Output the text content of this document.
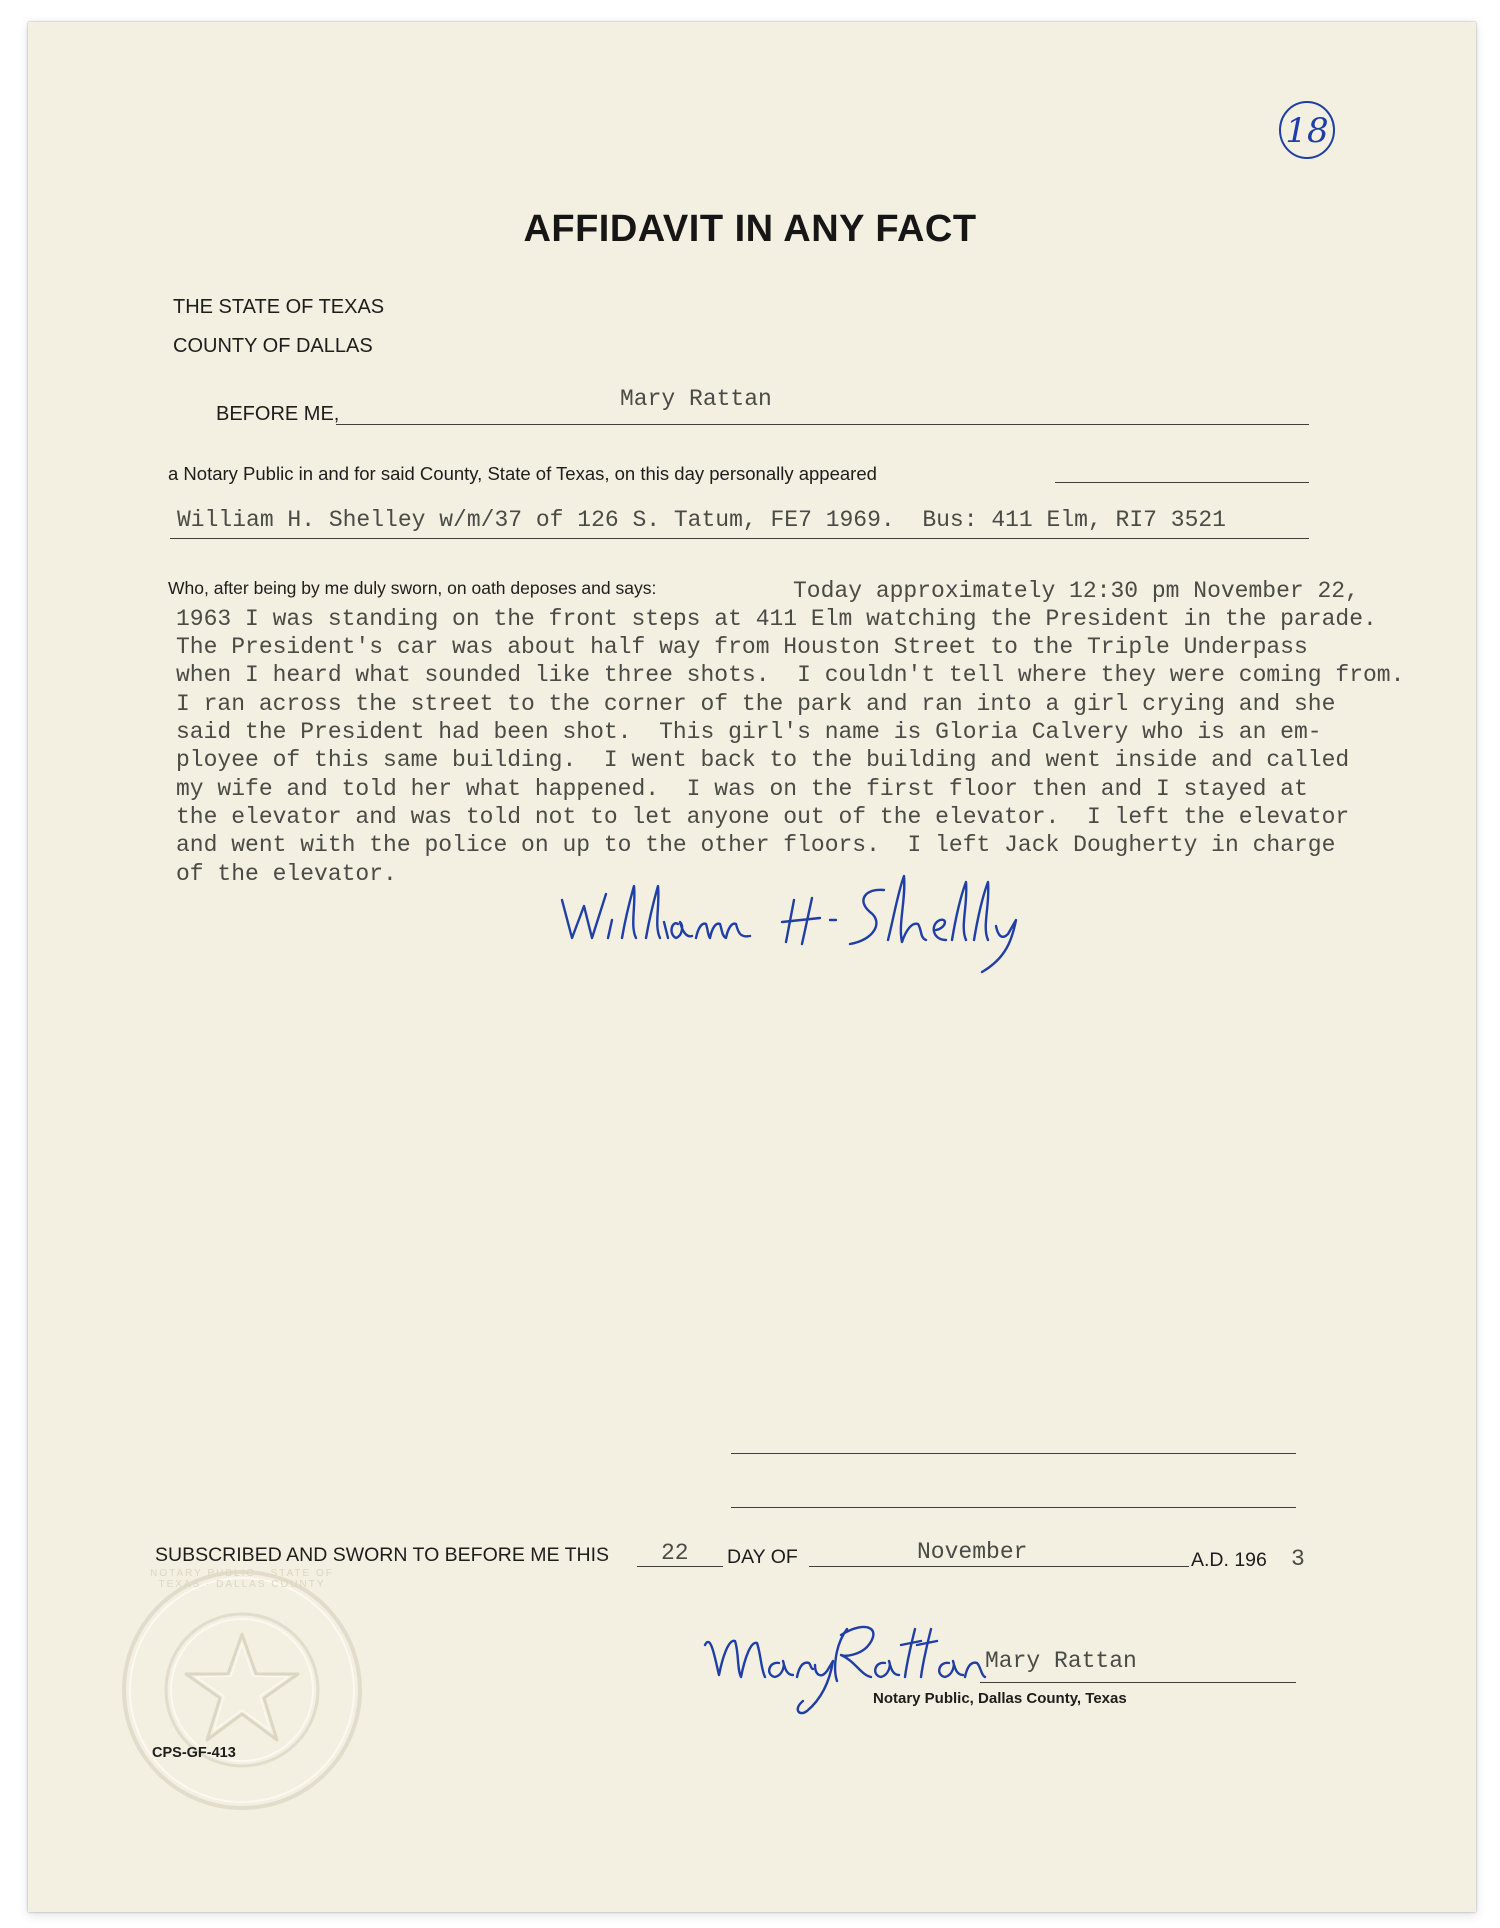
18
AFFIDAVIT IN ANY FACT
THE STATE OF TEXAS
COUNTY OF DALLAS
BEFORE ME,
Mary Rattan
a Notary Public in and for said County, State of Texas, on this day personally appeared
William H. Shelley w/m/37 of 126 S. Tatum, FE7 1969.  Bus: 411 Elm, RI7 3521
Who, after being by me duly sworn, on oath deposes and says:	Today approximately 12:30 pm November 22,
1963 I was standing on the front steps at 411 Elm watching the President in the parade.
The President's car was about half way from Houston Street to the Triple Underpass
when I heard what sounded like three shots.  I couldn't tell where they were coming from.
I ran across the street to the corner of the park and ran into a girl crying and she
said the President had been shot.  This girl's name is Gloria Calvery who is an em-
ployee of this same building.  I went back to the building and went inside and called
my wife and told her what happened.  I was on the first floor then and I stayed at
the elevator and was told not to let anyone out of the elevator.  I left the elevator
and went with the police on up to the other floors.  I left Jack Dougherty in charge
of the elevator.
SUBSCRIBED AND SWORN TO BEFORE ME THIS 22 DAY OF	November	A.D. 196 3
NOTARY PUBLIC · STATE OF TEXAS · DALLAS COUNTY
CPS-GF-413
Mary Rattan
Notary Public, Dallas County, Texas
